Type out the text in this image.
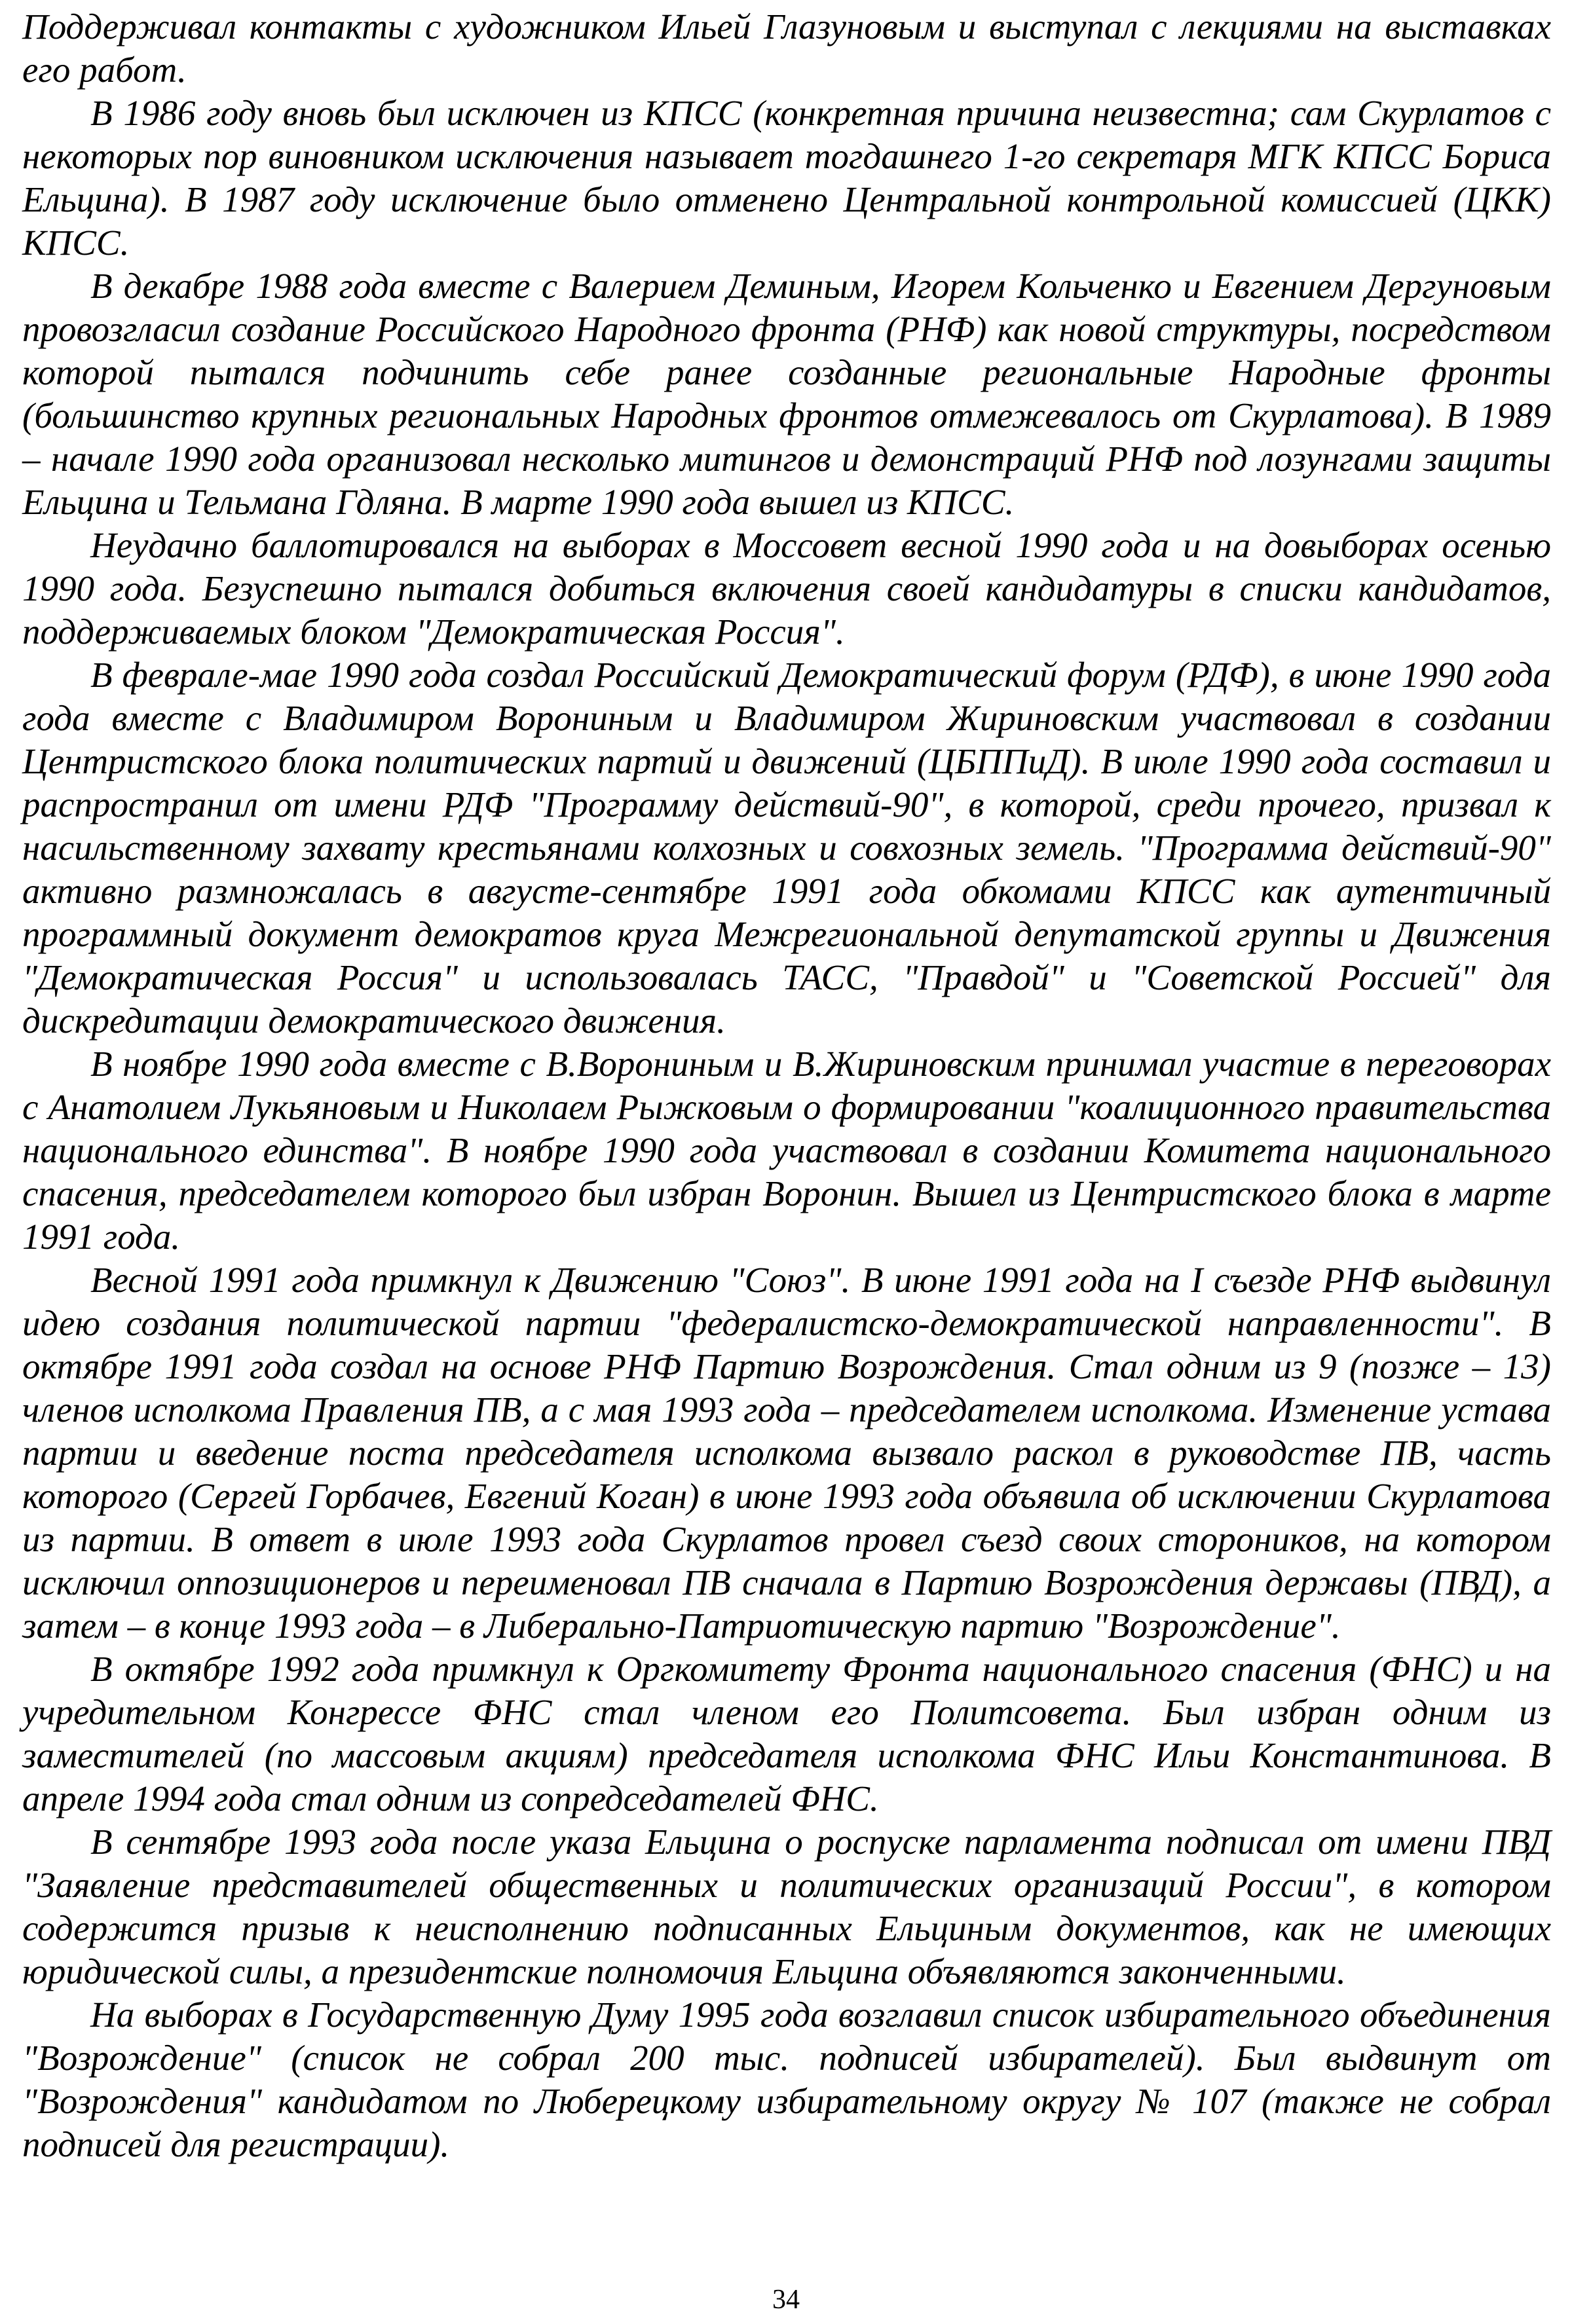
Поддерживал контакты с художником Ильей Глазуновым и выступал с лекциями на выставках его работ.

В 1986 году вновь был исключен из КПСС (конкретная причина неизвестна; сам Скурлатов с некоторых пор виновником исключения называет тогдашнего 1-го секретаря МГК КПСС Бориса Ельцина). В 1987 году исключение было отменено Центральной контрольной комиссией (ЦКК) КПСС.

В декабре 1988 года вместе с Валерием Деминым, Игорем Кольченко и Евгением Дергуновым провозгласил создание Российского Народного фронта (РНФ) как новой структуры, посредством которой пытался подчинить себе ранее созданные региональные Народные фронты (большинство крупных региональных Народных фронтов отмежевалось от Скурлатова). В 1989 – начале 1990 года организовал несколько митингов и демонстраций РНФ под лозунгами защиты Ельцина и Тельмана Гдляна. В марте 1990 года вышел из КПСС.

Неудачно баллотировался на выборах в Моссовет весной 1990 года и на довыборах осенью 1990 года. Безуспешно пытался добиться включения своей кандидатуры в списки кандидатов, поддерживаемых блоком "Демократическая Россия".

В феврале-мае 1990 года создал Российский Демократический форум (РДФ), в июне 1990 года года вместе с Владимиром Ворониным и Владимиром Жириновским участвовал в создании Центристского блока политических партий и движений (ЦБППиД). В июле 1990 года составил и распространил от имени РДФ "Программу действий-90", в которой, среди прочего, призвал к насильственному захвату крестьянами колхозных и совхозных земель. "Программа действий-90" активно размножалась в августе-сентябре 1991 года обкомами КПСС как аутентичный программный документ демократов круга Межрегиональной депутатской группы и Движения "Демократическая Россия" и использовалась ТАСС, "Правдой" и "Советской Россией" для дискредитации демократического движения.

В ноябре 1990 года вместе с В.Ворониным и В.Жириновским принимал участие в переговорах с Анатолием Лукьяновым и Николаем Рыжковым о формировании "коалиционного правительства национального единства". В ноябре 1990 года участвовал в создании Комитета национального спасения, председателем которого был избран Воронин. Вышел из Центристского блока в марте 1991 года.

Весной 1991 года примкнул к Движению "Союз". В июне 1991 года на I съезде РНФ выдвинул идею создания политической партии "федералистско-демократической направленности". В октябре 1991 года создал на основе РНФ Партию Возрождения. Стал одним из 9 (позже – 13) членов исполкома Правления ПВ, а с мая 1993 года – председателем исполкома. Изменение устава партии и введение поста председателя исполкома вызвало раскол в руководстве ПВ, часть которого (Сергей Горбачев, Евгений Коган) в июне 1993 года объявила об исключении Скурлатова из партии. В ответ в июле 1993 года Скурлатов провел съезд своих стороников, на котором исключил оппозиционеров и переименовал ПВ сначала в Партию Возрождения державы (ПВД), а затем – в конце 1993 года – в Либерально-Патриотическую партию "Возрождение".

В октябре 1992 года примкнул к Оргкомитету Фронта национального спасения (ФНС) и на учредительном Конгрессе ФНС стал членом его Политсовета. Был избран одним из заместителей (по массовым акциям) председателя исполкома ФНС Ильи Константинова. В апреле 1994 года стал одним из сопредседателей ФНС.

В сентябре 1993 года после указа Ельцина о роспуске парламента подписал от имени ПВД "Заявление представителей общественных и политических организаций России", в котором содержится призыв к неисполнению подписанных Ельциным документов, как не имеющих юридической силы, а президентские полномочия Ельцина объявляются законченными.

На выборах в Государственную Думу 1995 года возглавил список избирательного объединения "Возрождение" (список не собрал 200 тыс. подписей избирателей). Был выдвинут от "Возрождения" кандидатом по Люберецкому избирательному округу № 107 (также не собрал подписей для регистрации).

34
